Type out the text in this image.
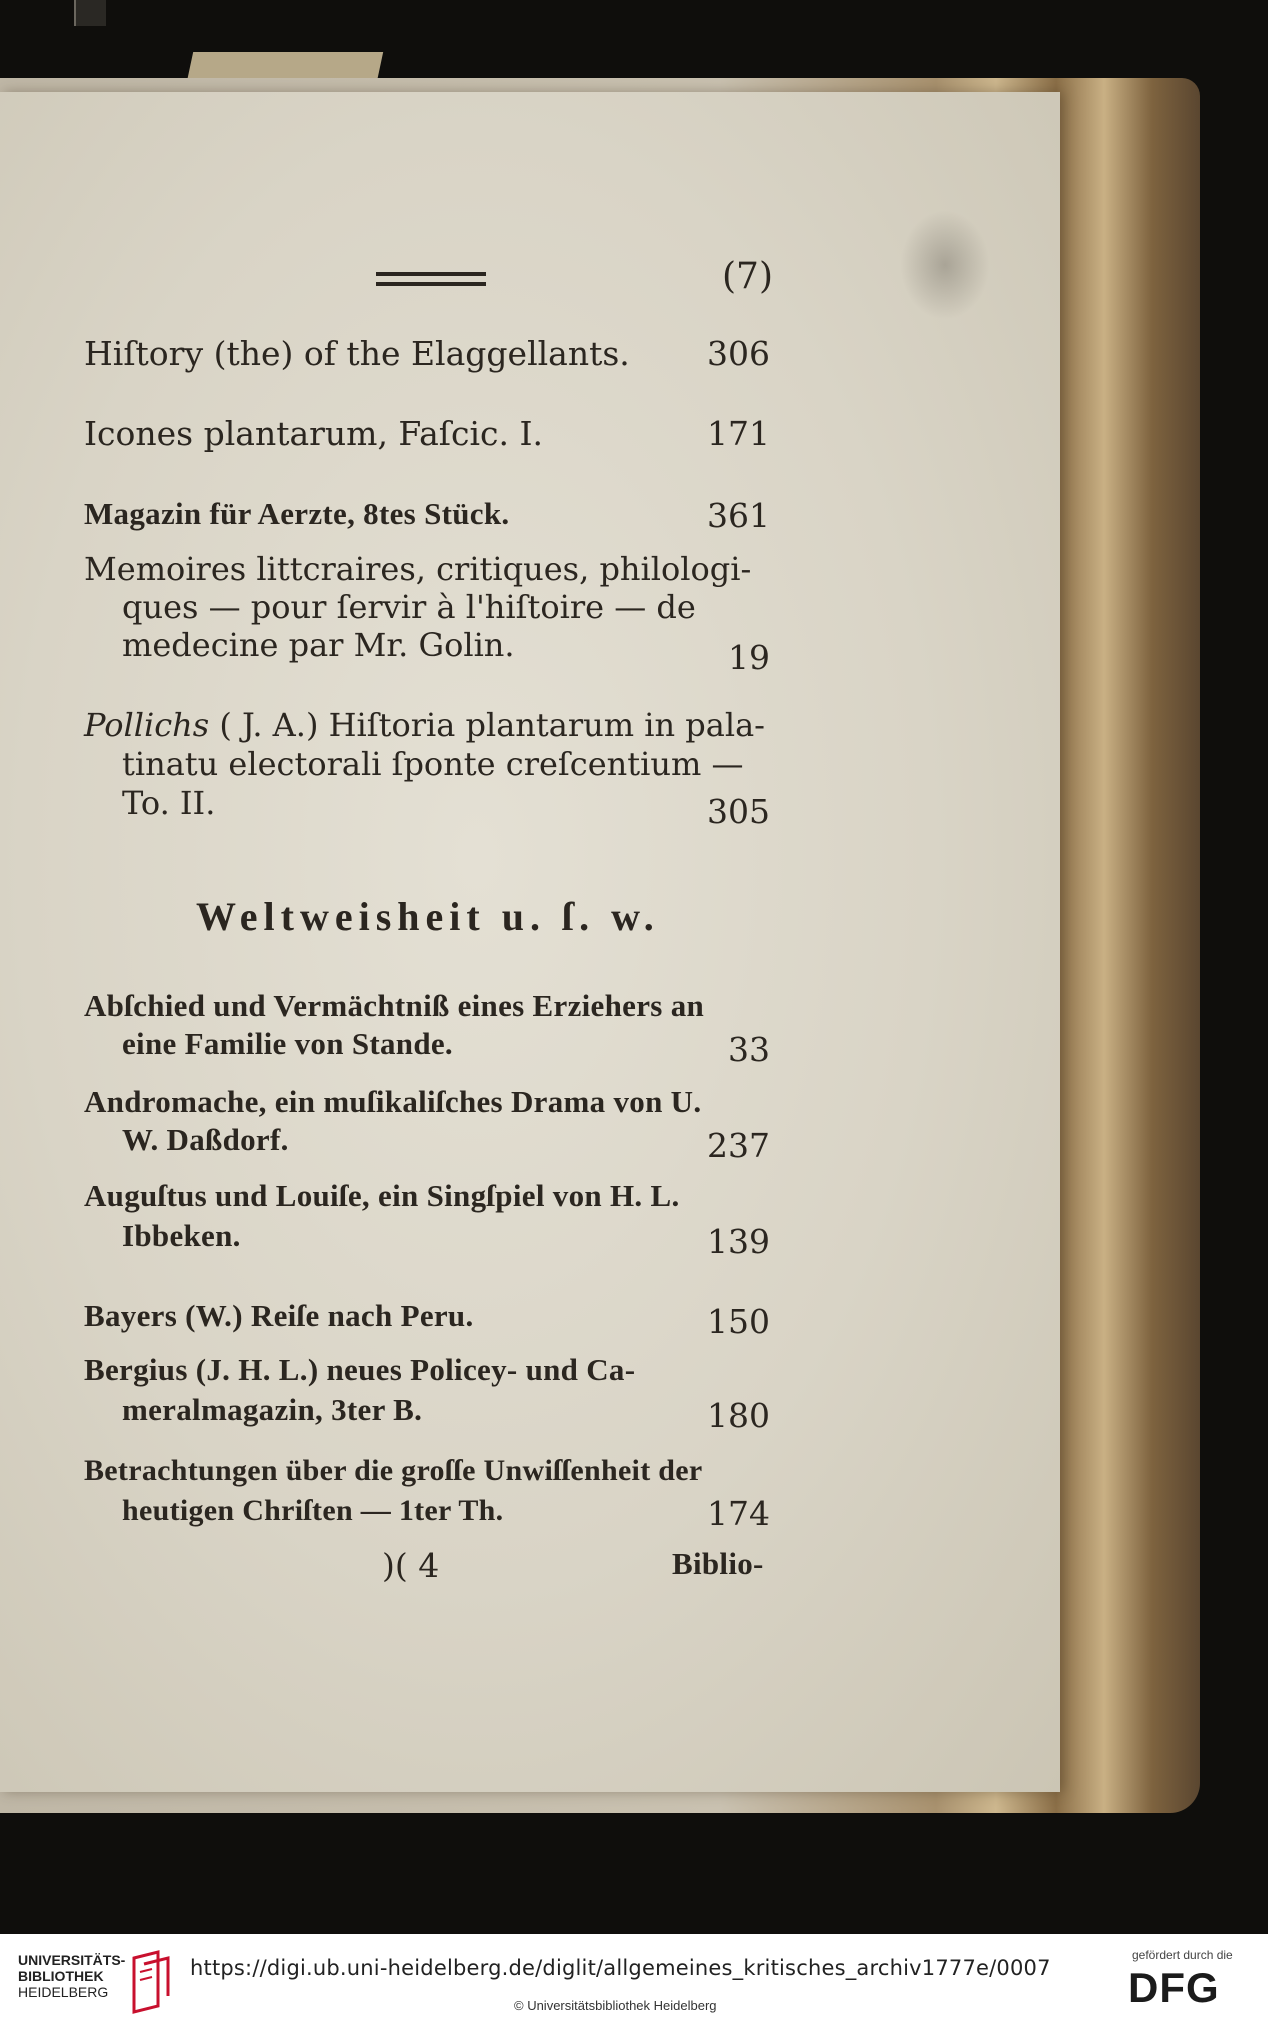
(7)
Hiſtory (the) of the Elaggellants.	306
Icones plantarum, Faſcic. I.	171
Magazin für Aerzte, 8tes Stück.	361
Memoires littcraires, critiques, philologi-
ques — pour ſervir à l'hiſtoire — de
medecine par Mr. Golin.	19
Pollichs ( J. A.) Hiſtoria plantarum in pala-
tinatu electorali ſponte creſcentium —
To. II.	305
Weltweisheit u. ſ. w.
Abſchied und Vermächtniß eines Erziehers an
eine Familie von Stande.	33
Andromache, ein muſikaliſches Drama von U.
W. Daßdorf.	237
Auguſtus und Louiſe, ein Singſpiel von H. L.
Ibbeken.	139
Bayers (W.) Reiſe nach Peru.	150
Bergius (J. H. L.) neues Policey- und Ca-
meralmagazin, 3ter B.	180
Betrachtungen über die groſſe Unwiſſenheit der
heutigen Chriſten — 1ter Th.	174
)( 4	Biblio-
UNIVERSITÄTS-
BIBLIOTHEK
HEIDELBERG
https://digi.ub.uni-heidelberg.de/diglit/allgemeines_kritisches_archiv1777e/0007
© Universitätsbibliothek Heidelberg
gefördert durch die
DFG
